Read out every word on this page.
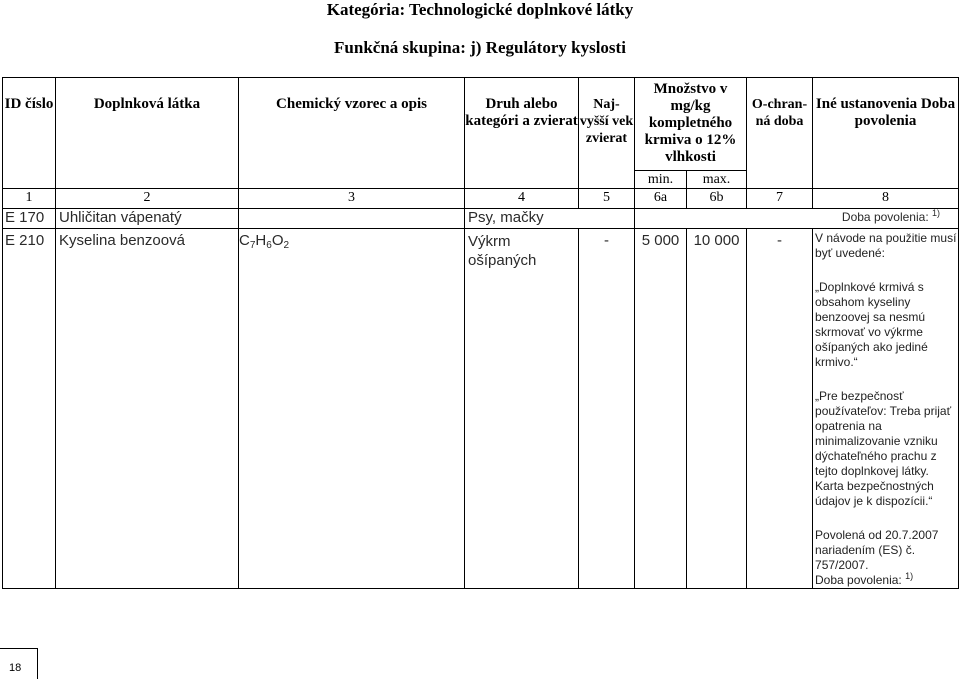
Kategória: Technologické doplnkové látky
Funkčná skupina: j) Regulátory kyslosti
ID číslo	Doplnková látka	Chemický vzorec a opis	Druh alebo kategóri a zvierat	Naj-vyšší vek zvierat	Množstvo v mg/kg kompletného krmiva o 12% vlhkosti		O-chran-ná doba	Iné ustanovenia Doba povolenia

					min.	max.		
1	2	3	4	5	6a	6b	7	8
E 170	Uhličitan vápenatý		Psy, mačky		Doba povolenia: $^{1)}$
E 210	Kyselina benzoová	$C_7H_6O_2$	Výkrm ošípaných	-	5 000	10 000	-	V návode na použitie musí byť uvedené:

„Doplnkové krmivá s obsahom kyseliny benzoovej sa nesmú skrmovať vo výkrme ošípaných ako jediné krmivo.“

„Pre bezpečnosť používateľov: Treba prijať opatrenia na minimalizovanie vzniku dýchateľného prachu z tejto doplnkovej látky. Karta bezpečnostných údajov je k dispozícii.“

Povolená od 20.7.2007 nariadením (ES) č. 757/2007.
Doba povolenia: $^{1)}$

18
